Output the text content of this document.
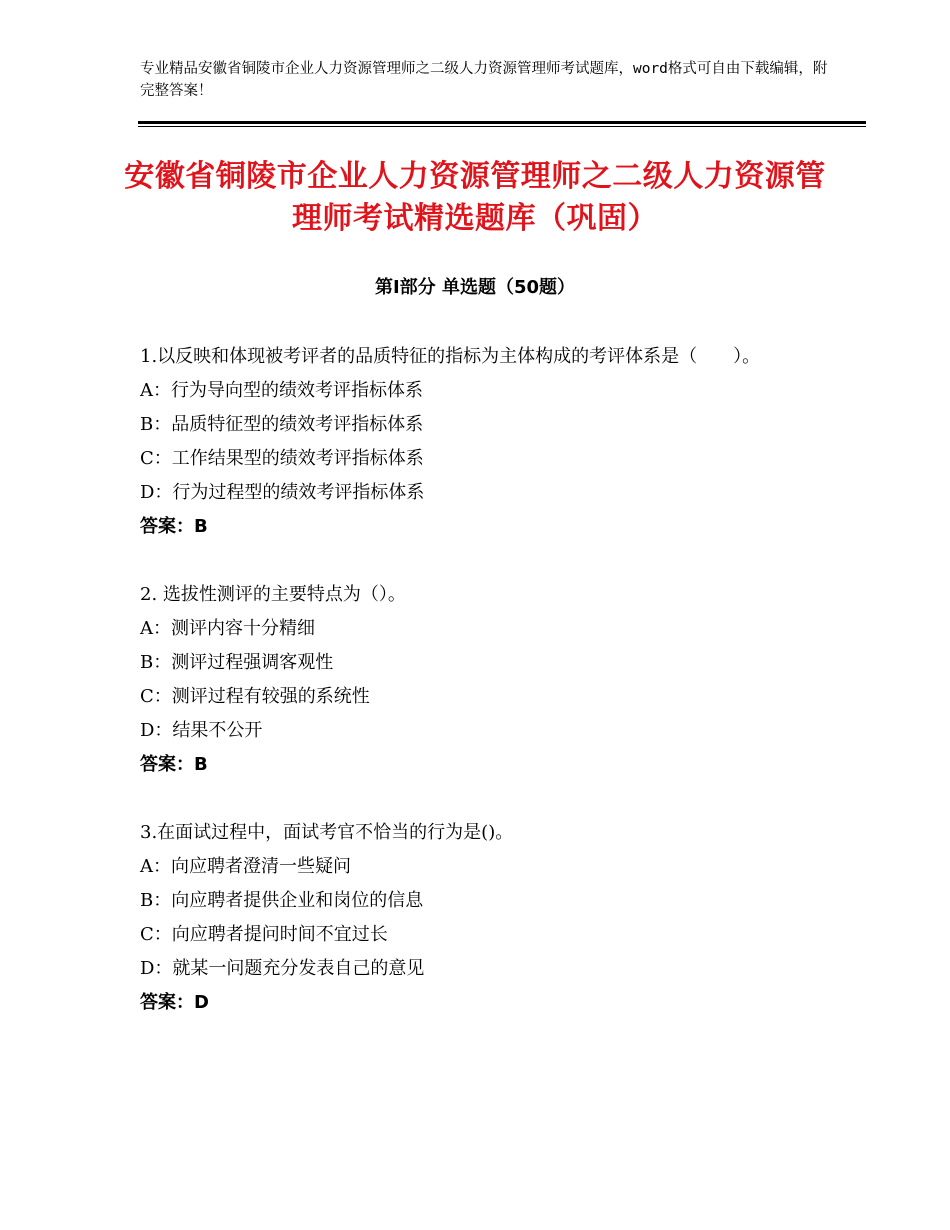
专业精品安徽省铜陵市企业人力资源管理师之二级人力资源管理师考试题库，word格式可自由下载编辑，附完整答案！
安徽省铜陵市企业人力资源管理师之二级人力资源管理师考试精选题库（巩固）
第Ⅰ部分 单选题（50题）
1.以反映和体现被考评者的品质特征的指标为主体构成的考评体系是（　　）。
A：行为导向型的绩效考评指标体系
B：品质特征型的绩效考评指标体系
C：工作结果型的绩效考评指标体系
D：行为过程型的绩效考评指标体系
答案：B
2. 选拔性测评的主要特点为（）。
A：测评内容十分精细
B：测评过程强调客观性
C：测评过程有较强的系统性
D：结果不公开
答案：B
3.在面试过程中，面试考官不恰当的行为是()。
A：向应聘者澄清一些疑问
B：向应聘者提供企业和岗位的信息
C：向应聘者提问时间不宜过长
D：就某一问题充分发表自己的意见
答案：D
